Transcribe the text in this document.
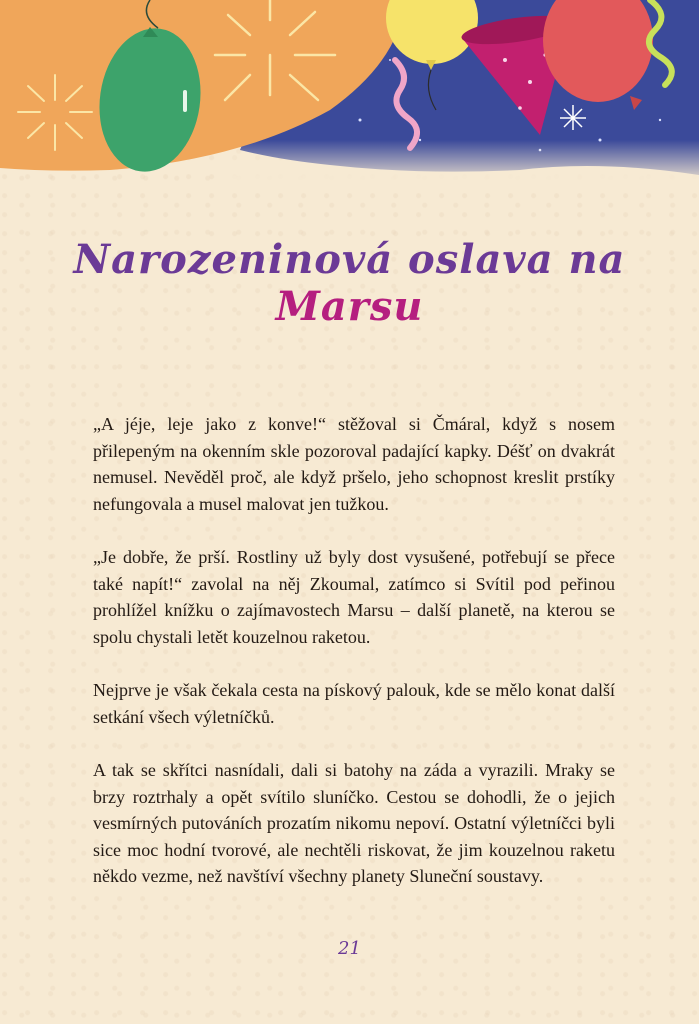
Narozeninová oslava na Marsu

„A jéje, leje jako z konve!“ stěžoval si Čmáral, když s nosem přilepeným na okenním skle pozoroval padající kapky. Déšť on dvakrát nemusel. Nevěděl proč, ale když pršelo, jeho schopnost kreslit prstíky nefungovala a musel malovat jen tužkou.

„Je dobře, že prší. Rostliny už byly dost vysušené, potřebují se přece také napít!“ zavolal na něj Zkoumal, zatímco si Svítil pod peřinou prohlížel knížku o zajímavostech Marsu – další planetě, na kterou se spolu chystali letět kouzelnou raketou.

Nejprve je však čekala cesta na pískový palouk, kde se mělo konat další setkání všech výletníčků.

A tak se skřítci nasnídali, dali si batohy na záda a vyrazili. Mraky se brzy roztrhaly a opět svítilo sluníčko. Cestou se dohodli, že o jejich vesmírných putováních prozatím nikomu nepoví. Ostatní výletníčci byli sice moc hodní tvorové, ale nechtěli riskovat, že jim kouzelnou raketu někdo vezme, než navštíví všechny planety Sluneční soustavy.

21
